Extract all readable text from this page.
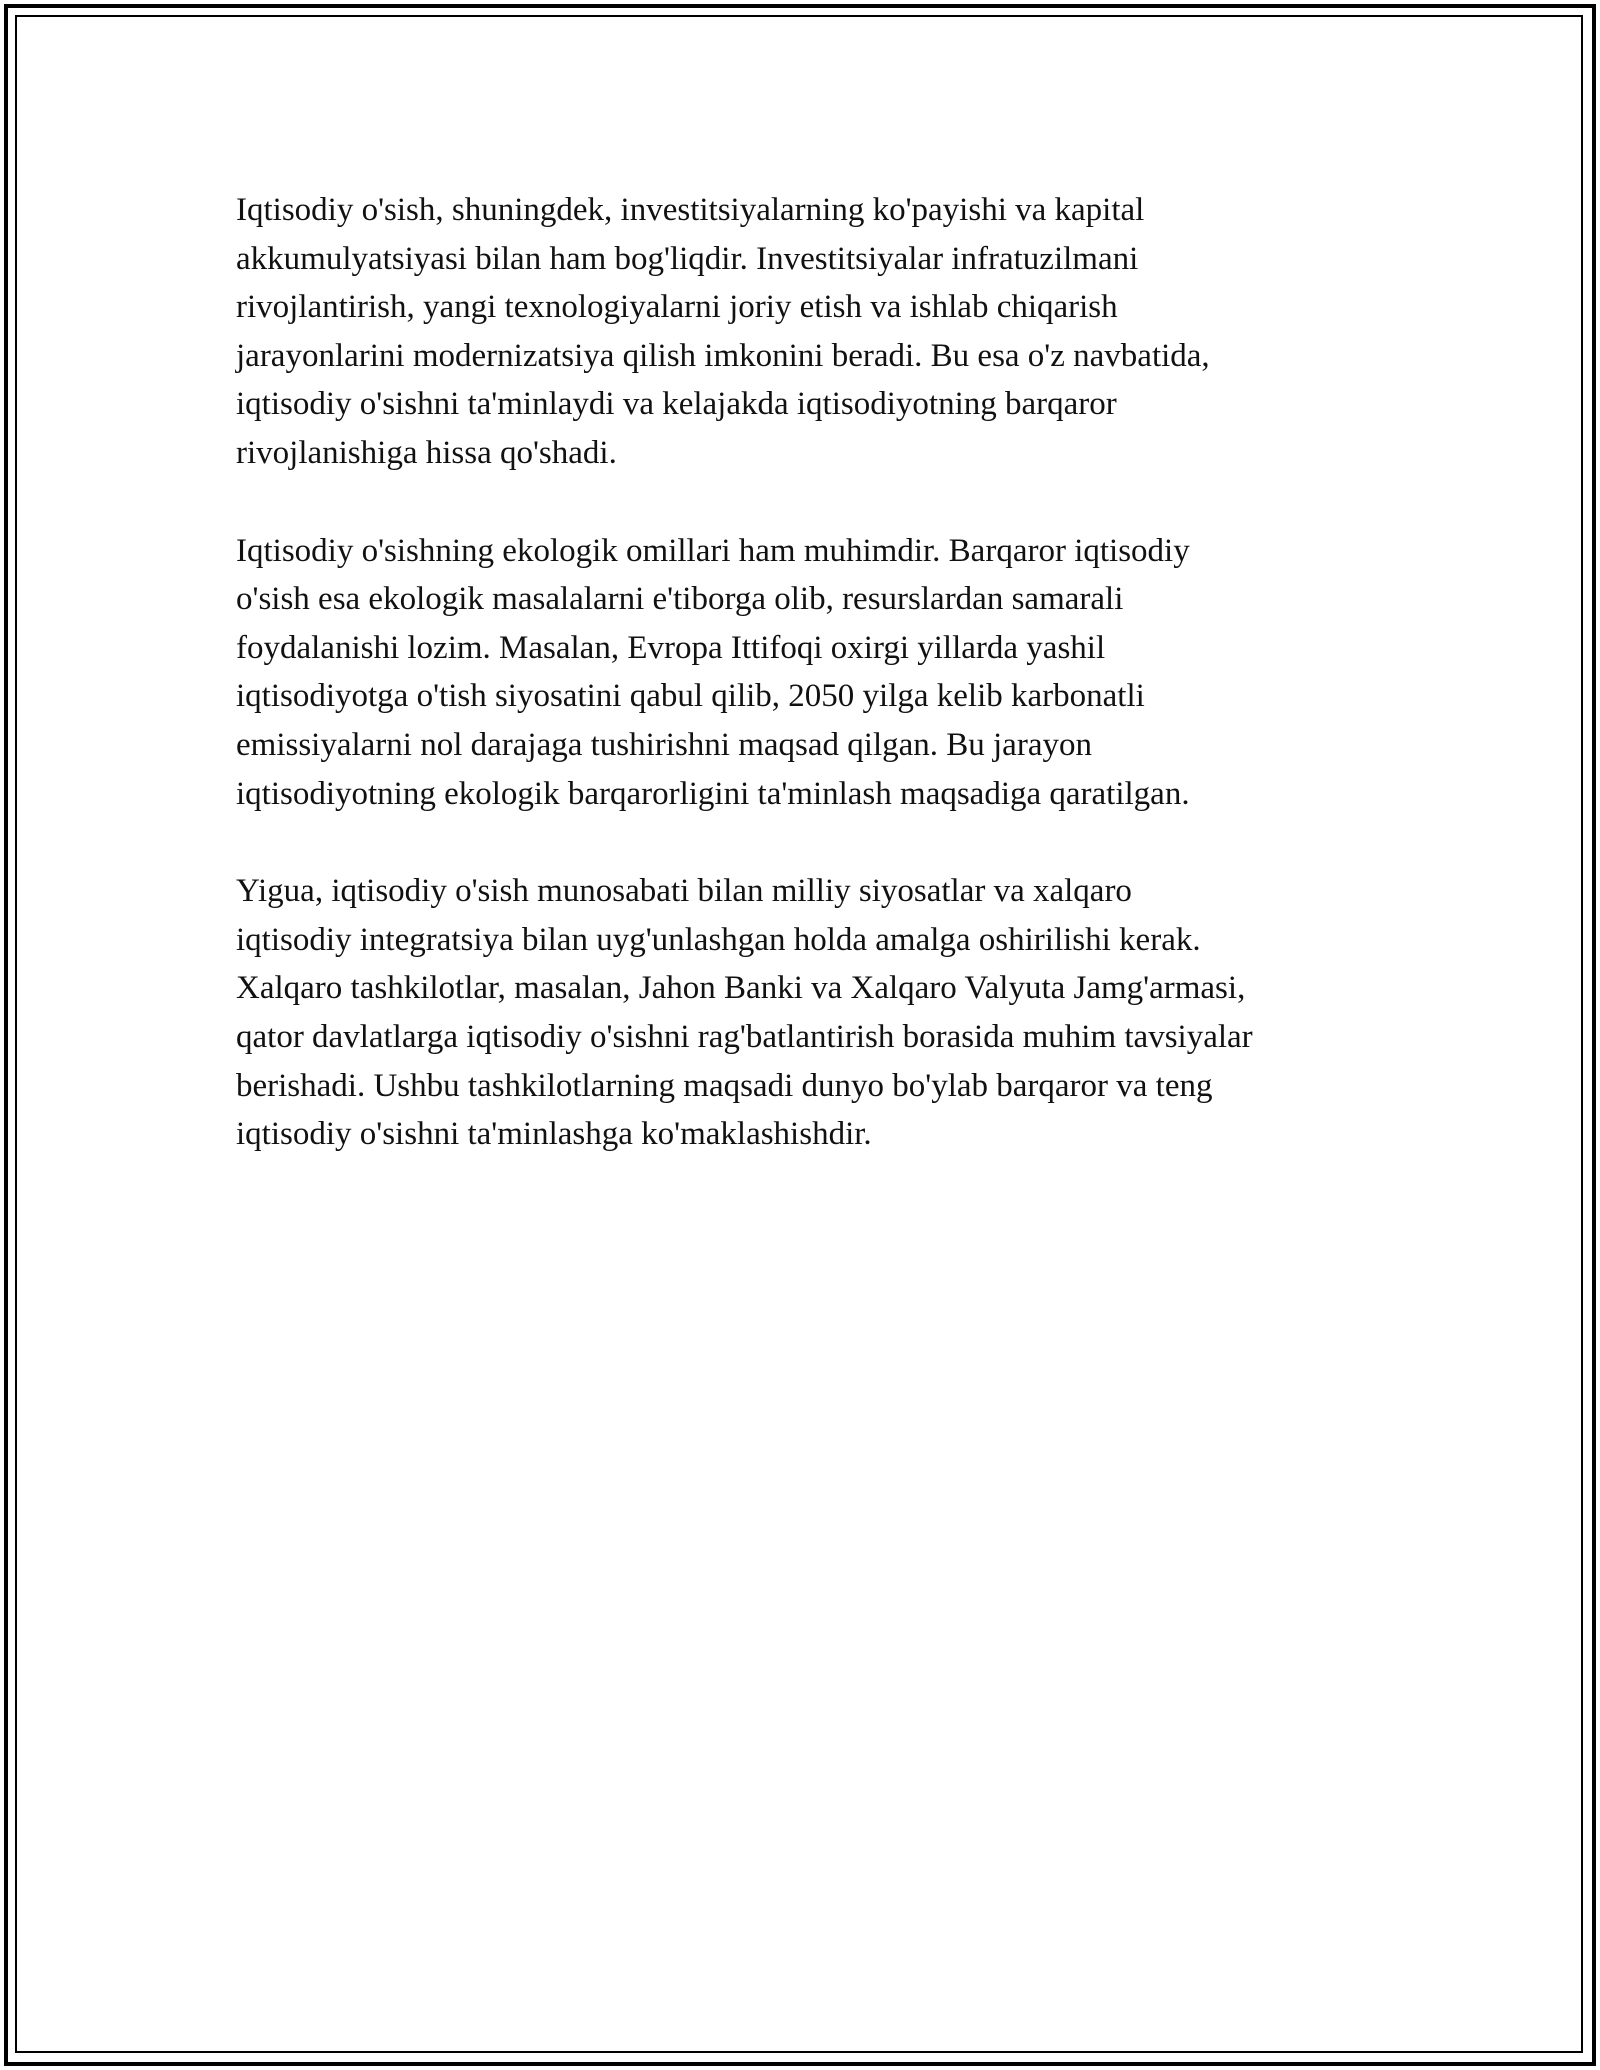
Iqtisodiy o'sish, shuningdek, investitsiyalarning ko'payishi va kapital
akkumulyatsiyasi bilan ham bog'liqdir. Investitsiyalar infratuzilmani
rivojlantirish, yangi texnologiyalarni joriy etish va ishlab chiqarish
jarayonlarini modernizatsiya qilish imkonini beradi. Bu esa o'z navbatida,
iqtisodiy o'sishni ta'minlaydi va kelajakda iqtisodiyotning barqaror
rivojlanishiga hissa qo'shadi.

Iqtisodiy o'sishning ekologik omillari ham muhimdir. Barqaror iqtisodiy
o'sish esa ekologik masalalarni e'tiborga olib, resurslardan samarali
foydalanishi lozim. Masalan, Evropa Ittifoqi oxirgi yillarda yashil
iqtisodiyotga o'tish siyosatini qabul qilib, 2050 yilga kelib karbonatli
emissiyalarni nol darajaga tushirishni maqsad qilgan. Bu jarayon
iqtisodiyotning ekologik barqarorligini ta'minlash maqsadiga qaratilgan.

Yigua, iqtisodiy o'sish munosabati bilan milliy siyosatlar va xalqaro
iqtisodiy integratsiya bilan uyg'unlashgan holda amalga oshirilishi kerak.
Xalqaro tashkilotlar, masalan, Jahon Banki va Xalqaro Valyuta Jamg'armasi,
qator davlatlarga iqtisodiy o'sishni rag'batlantirish borasida muhim tavsiyalar
berishadi. Ushbu tashkilotlarning maqsadi dunyo bo'ylab barqaror va teng
iqtisodiy o'sishni ta'minlashga ko'maklashishdir.
